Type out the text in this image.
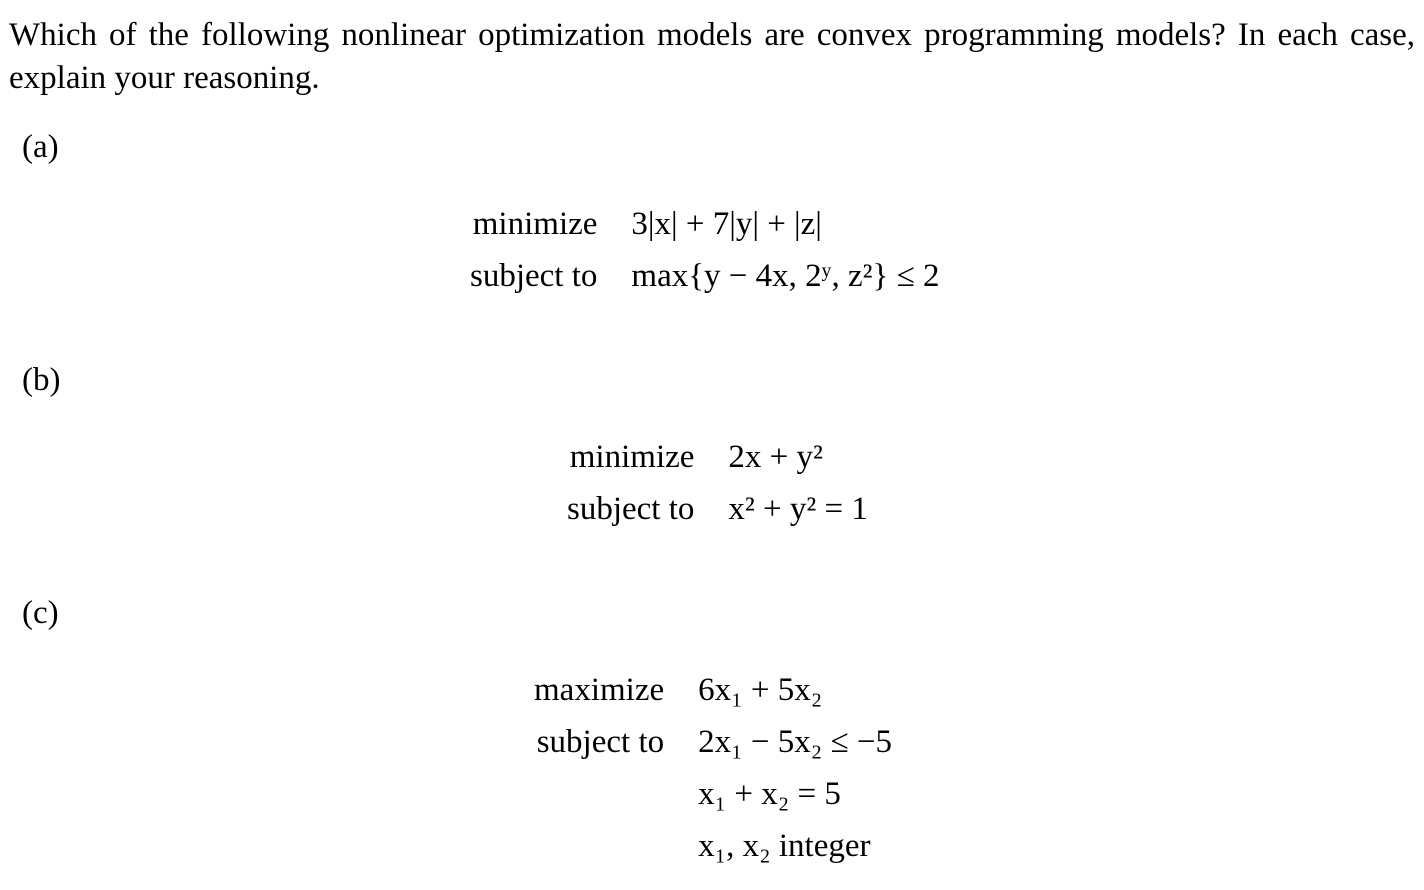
Which of the following nonlinear optimization models are convex programming models? In each case, explain your reasoning.
(a)
minimize 3|x| + 7|y| + |z|
subject to max{y − 4x, 2ʸ, z²} ≤ 2
(b)
minimize 2x + y²
subject to x² + y² = 1
(c)
maximize 6x₁ + 5x₂
subject to 2x₁ − 5x₂ ≤ −5

x₁ + x₂ = 5

x₁, x₂ integer
